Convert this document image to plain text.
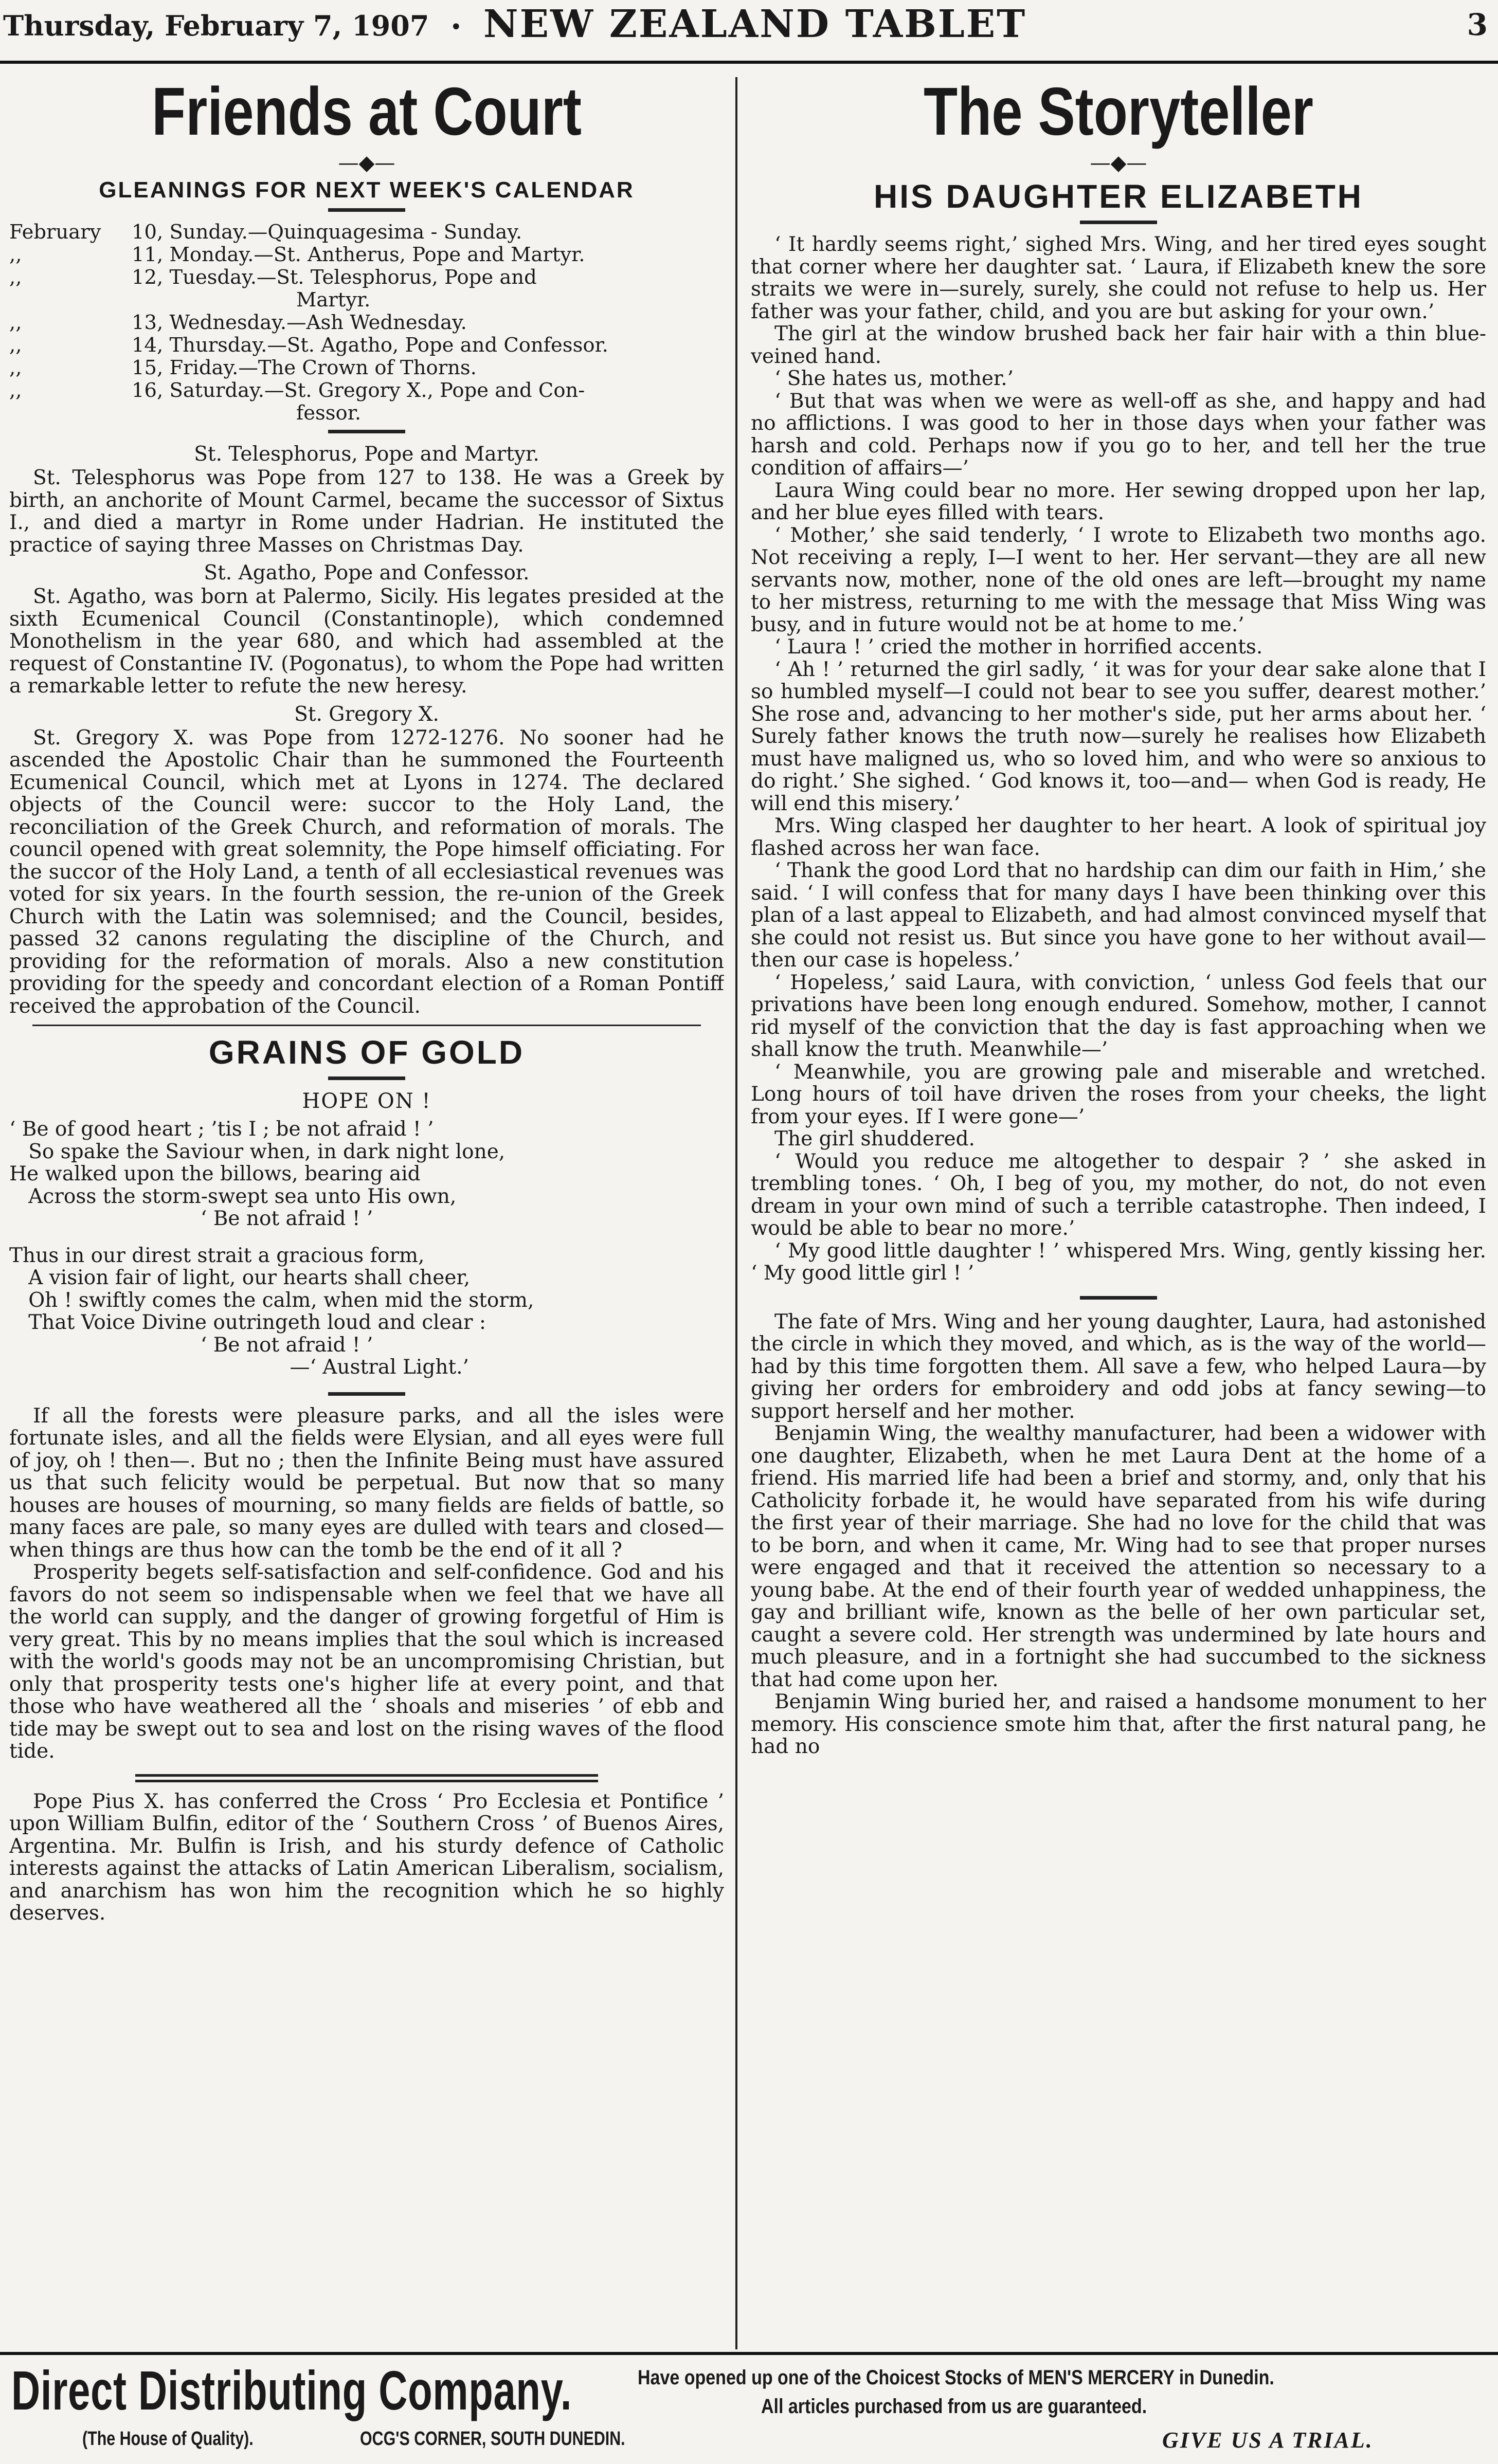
Thursday, February 7, 1907 • NEW ZEALAND TABLET	3
Friends at Court
—◆—
GLEANINGS FOR NEXT WEEK'S CALENDAR
February	10, Sunday.—Quinquagesima - Sunday.
,,	11, Monday.—St. Antherus, Pope and Martyr.
,,	12, Tuesday.—St. Telesphorus, Pope and
Martyr.
,,	13, Wednesday.—Ash Wednesday.
,,	14, Thursday.—St. Agatho, Pope and Confessor.
,,	15, Friday.—The Crown of Thorns.
,,	16, Saturday.—St. Gregory X., Pope and Con-
fessor.
St. Telesphorus, Pope and Martyr.

St. Telesphorus was Pope from 127 to 138. He was a Greek by birth, an anchorite of Mount Carmel, became the successor of Sixtus I., and died a martyr in Rome under Hadrian. He instituted the practice of saying three Masses on Christmas Day.

St. Agatho, Pope and Confessor.

St. Agatho, was born at Palermo, Sicily. His legates presided at the sixth Ecumenical Council (Constantinople), which condemned Monothelism in the year 680, and which had assembled at the request of Constantine IV. (Pogonatus), to whom the Pope had written a remarkable letter to refute the new heresy.

St. Gregory X.

St. Gregory X. was Pope from 1272-1276. No sooner had he ascended the Apostolic Chair than he summoned the Fourteenth Ecumenical Council, which met at Lyons in 1274. The declared objects of the Council were: succor to the Holy Land, the reconciliation of the Greek Church, and reformation of morals. The council opened with great solemnity, the Pope himself officiating. For the succor of the Holy Land, a tenth of all ecclesiastical revenues was voted for six years. In the fourth session, the re-union of the Greek Church with the Latin was solemnised; and the Council, besides, passed 32 canons regulating the discipline of the Church, and providing for the reformation of morals. Also a new constitution providing for the speedy and concordant election of a Roman Pontiff received the approbation of the Council.

GRAINS OF GOLD
HOPE ON !
‘ Be of good heart ; ’tis I ; be not afraid ! ’
So spake the Saviour when, in dark night lone,
He walked upon the billows, bearing aid
Across the storm-swept sea unto His own,
‘ Be not afraid ! ’
Thus in our direst strait a gracious form,
A vision fair of light, our hearts shall cheer,
Oh ! swiftly comes the calm, when mid the storm,
That Voice Divine outringeth loud and clear :
‘ Be not afraid ! ’
—‘ Austral Light.’

If all the forests were pleasure parks, and all the isles were fortunate isles, and all the fields were Elysian, and all eyes were full of joy, oh ! then—. But no ; then the Infinite Being must have assured us that such felicity would be perpetual. But now that so many houses are houses of mourning, so many fields are fields of battle, so many faces are pale, so many eyes are dulled with tears and closed—when things are thus how can the tomb be the end of it all ?

Prosperity begets self-satisfaction and self-confidence. God and his favors do not seem so indispensable when we feel that we have all the world can supply, and the danger of growing forgetful of Him is very great. This by no means implies that the soul which is increased with the world's goods may not be an uncompromising Christian, but only that prosperity tests one's higher life at every point, and that those who have weathered all the ‘ shoals and miseries ’ of ebb and tide may be swept out to sea and lost on the rising waves of the flood tide.

Pope Pius X. has conferred the Cross ‘ Pro Ecclesia et Pontifice ’ upon William Bulfin, editor of the ‘ Southern Cross ’ of Buenos Aires, Argentina. Mr. Bulfin is Irish, and his sturdy defence of Catholic interests against the attacks of Latin American Liberalism, socialism, and anarchism has won him the recognition which he so highly deserves.

The Storyteller
—◆—
HIS DAUGHTER ELIZABETH

‘ It hardly seems right,’ sighed Mrs. Wing, and her tired eyes sought that corner where her daughter sat. ‘ Laura, if Elizabeth knew the sore straits we were in—surely, surely, she could not refuse to help us. Her father was your father, child, and you are but asking for your own.’

The girl at the window brushed back her fair hair with a thin blue-veined hand.

‘ She hates us, mother.’

‘ But that was when we were as well-off as she, and happy and had no afflictions. I was good to her in those days when your father was harsh and cold. Perhaps now if you go to her, and tell her the true condition of affairs—’

Laura Wing could bear no more. Her sewing dropped upon her lap, and her blue eyes filled with tears.

‘ Mother,’ she said tenderly, ‘ I wrote to Elizabeth two months ago. Not receiving a reply, I—I went to her. Her servant—they are all new servants now, mother, none of the old ones are left—brought my name to her mistress, returning to me with the message that Miss Wing was busy, and in future would not be at home to me.’

‘ Laura ! ’ cried the mother in horrified accents.

‘ Ah ! ’ returned the girl sadly, ‘ it was for your dear sake alone that I so humbled myself—I could not bear to see you suffer, dearest mother.’ She rose and, advancing to her mother's side, put her arms about her. ‘ Surely father knows the truth now—surely he realises how Elizabeth must have maligned us, who so loved him, and who were so anxious to do right.’ She sighed. ‘ God knows it, too—and— when God is ready, He will end this misery.’

Mrs. Wing clasped her daughter to her heart. A look of spiritual joy flashed across her wan face.

‘ Thank the good Lord that no hardship can dim our faith in Him,’ she said. ‘ I will confess that for many days I have been thinking over this plan of a last appeal to Elizabeth, and had almost convinced myself that she could not resist us. But since you have gone to her without avail—then our case is hopeless.’

‘ Hopeless,’ said Laura, with conviction, ‘ unless God feels that our privations have been long enough endured. Somehow, mother, I cannot rid myself of the conviction that the day is fast approaching when we shall know the truth. Meanwhile—’

‘ Meanwhile, you are growing pale and miserable and wretched. Long hours of toil have driven the roses from your cheeks, the light from your eyes. If I were gone—’

The girl shuddered.

‘ Would you reduce me altogether to despair ? ’ she asked in trembling tones. ‘ Oh, I beg of you, my mother, do not, do not even dream in your own mind of such a terrible catastrophe. Then indeed, I would be able to bear no more.’

‘ My good little daughter ! ’ whispered Mrs. Wing, gently kissing her. ‘ My good little girl ! ’

The fate of Mrs. Wing and her young daughter, Laura, had astonished the circle in which they moved, and which, as is the way of the world—had by this time forgotten them. All save a few, who helped Laura—by giving her orders for embroidery and odd jobs at fancy sewing—to support herself and her mother.

Benjamin Wing, the wealthy manufacturer, had been a widower with one daughter, Elizabeth, when he met Laura Dent at the home of a friend. His married life had been a brief and stormy, and, only that his Catholicity forbade it, he would have separated from his wife during the first year of their marriage. She had no love for the child that was to be born, and when it came, Mr. Wing had to see that proper nurses were engaged and that it received the attention so necessary to a young babe. At the end of their fourth year of wedded unhappiness, the gay and brilliant wife, known as the belle of her own particular set, caught a severe cold. Her strength was undermined by late hours and much pleasure, and in a fortnight she had succumbed to the sickness that had come upon her.

Benjamin Wing buried her, and raised a handsome monument to her memory. His conscience smote him that, after the first natural pang, he had no

Direct Distributing Company.
(The House of Quality).	OCG'S CORNER, SOUTH DUNEDIN.
Have opened up one of the Choicest Stocks of MEN'S MERCERY in Dunedin.
All articles purchased from us are guaranteed.
GIVE US A TRIAL.
